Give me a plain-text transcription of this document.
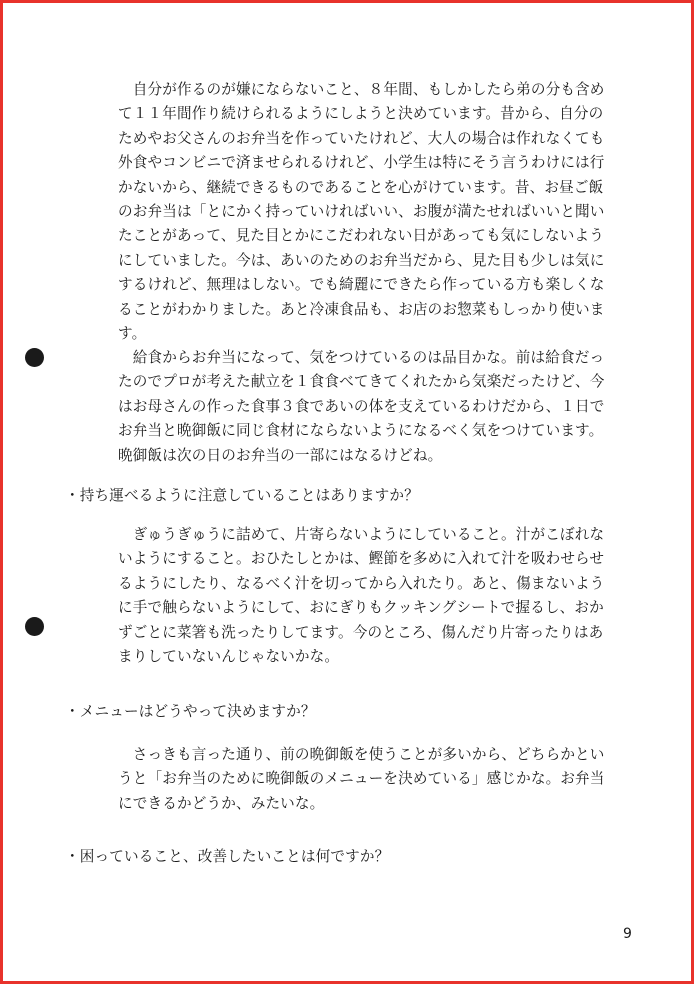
　自分が作るのが嫌にならないこと、８年間、もしかしたら弟の分も含め
て１１年間作り続けられるようにしようと決めています。昔から、自分の
ためやお父さんのお弁当を作っていたけれど、大人の場合は作れなくても
外食やコンビニで済ませられるけれど、小学生は特にそう言うわけには行
かないから、継続できるものであることを心がけています。昔、お昼ご飯
のお弁当は「とにかく持っていければいい、お腹が満たせればいいと聞い
たことがあって、見た目とかにこだわれない日があっても気にしないよう
にしていました。今は、あいのためのお弁当だから、見た目も少しは気に
するけれど、無理はしない。でも綺麗にできたら作っている方も楽しくな
ることがわかりました。あと冷凍食品も、お店のお惣菜もしっかり使いま
す。
　給食からお弁当になって、気をつけているのは品目かな。前は給食だっ
たのでプロが考えた献立を１食食べてきてくれたから気楽だったけど、今
はお母さんの作った食事３食であいの体を支えているわけだから、１日で
お弁当と晩御飯に同じ食材にならないようになるべく気をつけています。
晩御飯は次の日のお弁当の一部にはなるけどね。
・持ち運べるように注意していることはありますか？
　ぎゅうぎゅうに詰めて、片寄らないようにしていること。汁がこぼれな
いようにすること。おひたしとかは、鰹節を多めに入れて汁を吸わせらせ
るようにしたり、なるべく汁を切ってから入れたり。あと、傷まないよう
に手で触らないようにして、おにぎりもクッキングシートで握るし、おか
ずごとに菜箸も洗ったりしてます。今のところ、傷んだり片寄ったりはあ
まりしていないんじゃないかな。
・メニューはどうやって決めますか？
　さっきも言った通り、前の晩御飯を使うことが多いから、どちらかとい
うと「お弁当のために晩御飯のメニューを決めている」感じかな。お弁当
にできるかどうか、みたいな。
・困っていること、改善したいことは何ですか？
9
